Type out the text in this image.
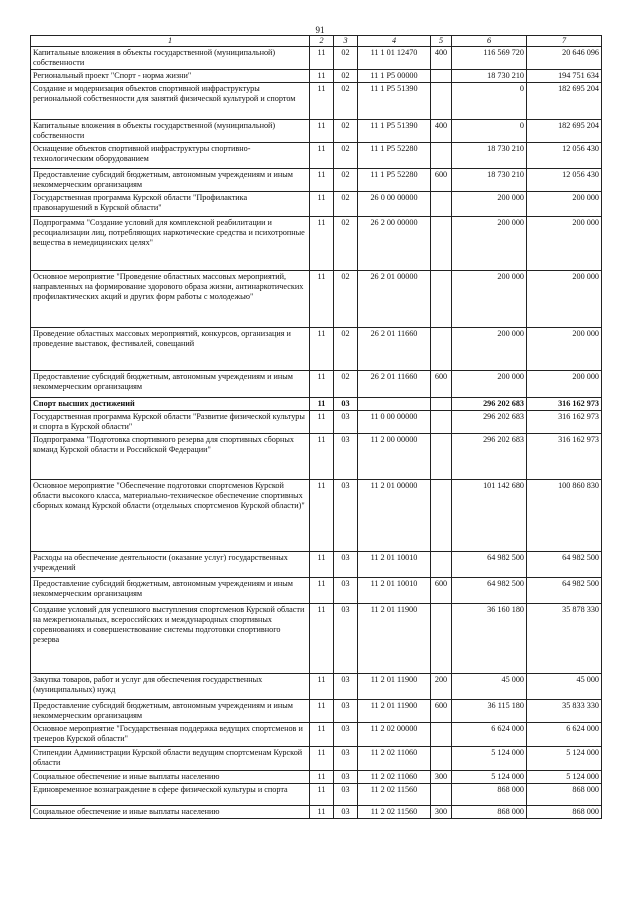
91
1	2	3	4	5	6	7
Капитальные вложения в объекты государственной (муниципальной) собственности	11	02	11 1 01 12470	400	116 569 720	20 646 096
Региональный проект "Спорт - норма жизни"	11	02	11 1 P5 00000		18 730 210	194 751 634
Создание и модернизация объектов спортивной инфраструктуры региональной собственности для занятий физической культурой и спортом	11	02	11 1 P5 51390		0	182 695 204
Капитальные вложения в объекты государственной (муниципальной) собственности	11	02	11 1 P5 51390	400	0	182 695 204
Оснащение объектов спортивной инфраструктуры спортивно-технологическим оборудованием	11	02	11 1 P5 52280		18 730 210	12 056 430
Предоставление субсидий бюджетным, автономным учреждениям и иным некоммерческим организациям	11	02	11 1 P5 52280	600	18 730 210	12 056 430
Государственная программа Курской области "Профилактика правонарушений в Курской области"	11	02	26 0 00 00000		200 000	200 000
Подпрограмма "Создание условий для комплексной реабилитации и ресоциализации лиц, потребляющих наркотические средства и психотропные вещества в немедицинских целях"	11	02	26 2 00 00000		200 000	200 000
Основное мероприятие "Проведение областных массовых мероприятий, направленных на формирование здорового образа жизни, антинаркотических профилактических акций и других форм работы с молодежью"	11	02	26 2 01 00000		200 000	200 000
Проведение областных массовых мероприятий, конкурсов, организация и проведение выставок, фестивалей, совещаний	11	02	26 2 01 11660		200 000	200 000
Предоставление субсидий бюджетным, автономным учреждениям и иным некоммерческим организациям	11	02	26 2 01 11660	600	200 000	200 000
Спорт высших достижений	11	03			296 202 683	316 162 973
Государственная программа Курской области "Развитие физической культуры и спорта в Курской области"	11	03	11 0 00 00000		296 202 683	316 162 973
Подпрограмма "Подготовка спортивного резерва для спортивных сборных команд Курской области и Российской Федерации"	11	03	11 2 00 00000		296 202 683	316 162 973
Основное мероприятие "Обеспечение подготовки спортсменов Курской области высокого класса, материально-техническое обеспечение спортивных сборных команд Курской области (отдельных спортсменов Курской области)"	11	03	11 2 01 00000		101 142 680	100 860 830
Расходы на обеспечение деятельности (оказание услуг) государственных учреждений	11	03	11 2 01 10010		64 982 500	64 982 500
Предоставление субсидий бюджетным, автономным учреждениям и иным некоммерческим организациям	11	03	11 2 01 10010	600	64 982 500	64 982 500
Создание условий для успешного выступления спортсменов Курской области на межрегиональных, всероссийских и международных спортивных соревнованиях и совершенствование системы подготовки спортивного резерва	11	03	11 2 01 11900		36 160 180	35 878 330
Закупка товаров, работ и услуг для обеспечения государственных (муниципальных) нужд	11	03	11 2 01 11900	200	45 000	45 000
Предоставление субсидий бюджетным, автономным учреждениям и иным некоммерческим организациям	11	03	11 2 01 11900	600	36 115 180	35 833 330
Основное мероприятие "Государственная поддержка ведущих спортсменов и тренеров Курской области"	11	03	11 2 02 00000		6 624 000	6 624 000
Стипендии Администрации Курской области ведущим спортсменам Курской области	11	03	11 2 02 11060		5 124 000	5 124 000
Социальное обеспечение и иные выплаты населению	11	03	11 2 02 11060	300	5 124 000	5 124 000
Единовременное вознаграждение в сфере физической культуры и спорта	11	03	11 2 02 11560		868 000	868 000
Социальное обеспечение и иные выплаты населению	11	03	11 2 02 11560	300	868 000	868 000
